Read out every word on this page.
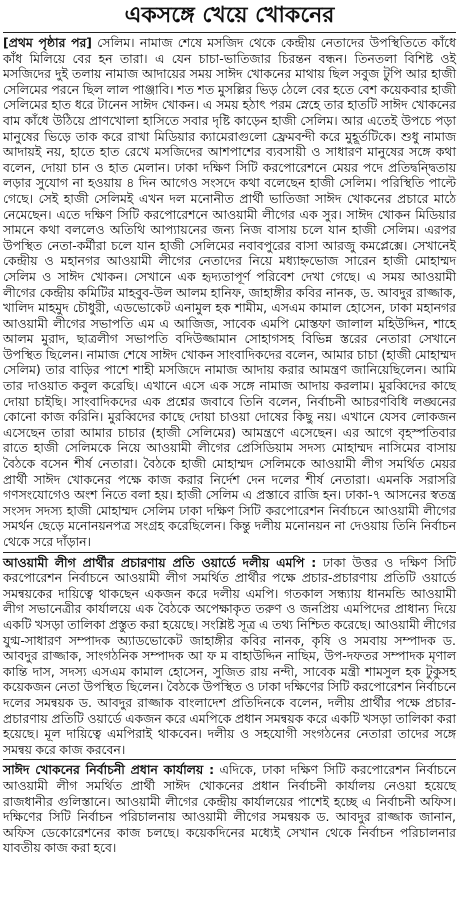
একসঙ্গে খেয়ে খোকনের

[প্রথম পৃষ্ঠার পর] সেলিম। নামাজ শেষে মসজিদ থেকে কেন্দ্রীয় নেতাদের উপস্থিতিতে কাঁধে কাঁধ মিলিয়ে বের হন তারা। এ যেন চাচা-ভাতিজার চিরন্তন বন্ধন। তিনতলা বিশিষ্ট ওই মসজিদের দুই তলায় নামাজ আদায়ের সময় সাঈদ খোকনের মাথায় ছিল সবুজ টুপি আর হাজী সেলিমের পরনে ছিল লাল পাঞ্জাবি। শত শত মুসল্লির ভিড় ঠেলে বের হতে বেশ কয়েকবার হাজী সেলিমের হাত ধরে টানেন সাঈদ খোকন। এ সময় হঠাৎ পরম স্নেহে তার হাতটি সাঈদ খোকনের বাম কাঁধে উঠিয়ে প্রাণখোলা হাসিতে সবার দৃষ্টি কাড়েন হাজী সেলিম। আর এতেই উপচে পড়া মানুষের ভিড়ে তাক করে রাখা মিডিয়ার ক্যামেরাগুলো ফ্রেমবন্দী করে মুহূর্তটিকে। শুধু নামাজ আদায়ই নয়, হাতে হাত রেখে মসজিদের আশপাশের ব্যবসায়ী ও সাধারণ মানুষের সঙ্গে কথা বলেন, দোয়া চান ও হাত মেলান। ঢাকা দক্ষিণ সিটি করপোরেশনে মেয়র পদে প্রতিদ্বন্দ্বিতায় লড়ার সুযোগ না হওয়ায় ৪ দিন আগেও সংসদে কথা বলেছেন হাজী সেলিম। পরিস্থিতি পাল্টে গেছে। সেই হাজী সেলিমই এখন দল মনোনীত প্রার্থী ভাতিজা সাঈদ খোকনের প্রচারে মাঠে নেমেছেন। এতে দক্ষিণ সিটি করপোরেশনে আওয়ামী লীগের এক সুর। সাঈদ খোকন মিডিয়ার সামনে কথা বললেও অতিথি আপ্যায়নের জন্য নিজ বাসায় চলে যান হাজী সেলিম। এরপর উপস্থিত নেতা-কর্মীরা চলে যান হাজী সেলিমের নবাবপুরের বাসা আরজু কমপ্লেক্সে। সেখানেই কেন্দ্রীয় ও মহানগর আওয়ামী লীগের নেতাদের নিয়ে মধ্যাহ্নভোজ সারেন হাজী মোহাম্মদ সেলিম ও সাঈদ খোকন। সেখানে এক হৃদ্যতাপূর্ণ পরিবেশ দেখা গেছে। এ সময় আওয়ামী লীগের কেন্দ্রীয় কমিটির মাহবুব-উল আলম হানিফ, জাহাঙ্গীর কবির নানক, ড. আবদুর রাজ্জাক, খালিদ মাহমুদ চৌধুরী, এডভোকেট এনামুল হক শামীম, এসএম কামাল হোসেন, ঢাকা মহানগর আওয়ামী লীগের সভাপতি এম এ আজিজ, সাবেক এমপি মোস্তফা জালাল মহিউদ্দিন, শাহে আলম মুরাদ, ছাত্রলীগ সভাপতি বদিউজ্জামান সোহাগসহ বিভিন্ন স্তরের নেতারা সেখানে উপস্থিত ছিলেন। নামাজ শেষে সাঈদ খোকন সাংবাদিকদের বলেন, আমার চাচা (হাজী মোহাম্মদ সেলিম) তার বাড়ির পাশে শাহী মসজিদে নামাজ আদায় করার আমন্ত্রণ জানিয়েছিলেন। আমি তার দাওয়াত কবুল করেছি। এখানে এসে এক সঙ্গে নামাজ আদায় করলাম। মুরব্বিদের কাছে দোয়া চাইছি। সাংবাদিকদের এক প্রশ্নের জবাবে তিনি বলেন, নির্বাচনী আচরণবিধি লঙ্ঘনের কোনো কাজ করিনি। মুরব্বিদের কাছে দোয়া চাওয়া দোষের কিছু নয়। এখানে যেসব লোকজন এসেছেন তারা আমার চাচার (হাজী সেলিমের) আমন্ত্রণে এসেছেন। এর আগে বৃহস্পতিবার রাতে হাজী সেলিমকে নিয়ে আওয়ামী লীগের প্রেসিডিয়াম সদস্য মোহাম্মদ নাসিমের বাসায় বৈঠকে বসেন শীর্ষ নেতারা। বৈঠকে হাজী মোহাম্মদ সেলিমকে আওয়ামী লীগ সমর্থিত মেয়র প্রার্থী সাঈদ খোকনের পক্ষে কাজ করার নির্দেশ দেন দলের শীর্ষ নেতারা। এমনকি সরাসরি গণসংযোগেও অংশ নিতে বলা হয়। হাজী সেলিম এ প্রস্তাবে রাজি হন। ঢাকা-৭ আসনের স্বতন্ত্র সংসদ সদস্য হাজী মোহাম্মদ সেলিম ঢাকা দক্ষিণ সিটি করপোরেশন নির্বাচনে আওয়ামী লীগের সমর্থন ছেড়ে মনোনয়নপত্র সংগ্রহ করেছিলেন। কিন্তু দলীয় মনোনয়ন না দেওয়ায় তিনি নির্বাচন থেকে সরে দাঁড়ান।

আওয়ামী লীগ প্রার্থীর প্রচারণায় প্রতি ওয়ার্ডে দলীয় এমপি : ঢাকা উত্তর ও দক্ষিণ সিটি করপোরেশন নির্বাচনে আওয়ামী লীগ সমর্থিত প্রার্থীর পক্ষে প্রচার-প্রচারণায় প্রতিটি ওয়ার্ডে সমন্বয়কের দায়িত্বে থাকছেন একজন করে দলীয় এমপি। গতকাল সন্ধ্যায় ধানমন্ডি আওয়ামী লীগ সভানেত্রীর কার্যালয়ে এক বৈঠকে অপেক্ষাকৃত তরুণ ও জনপ্রিয় এমপিদের প্রাধান্য দিয়ে একটি খসড়া তালিকা প্রস্তুত করা হয়েছে। সংশ্লিষ্ট সূত্র এ তথ্য নিশ্চিত করেছে। আওয়ামী লীগের যুগ্ম-সাধারণ সম্পাদক অ্যাডভোকেট জাহাঙ্গীর কবির নানক, কৃষি ও সমবায় সম্পাদক ড. আবদুর রাজ্জাক, সাংগঠনিক সম্পাদক আ ফ ম বাহাউদ্দিন নাছিম, উপ-দফতর সম্পাদক মৃণাল কান্তি দাস, সদস্য এসএম কামাল হোসেন, সুজিত রায় নন্দী, সাবেক মন্ত্রী শামসুল হক টুকুসহ কয়েকজন নেতা উপস্থিত ছিলেন। বৈঠকে উপস্থিত ও ঢাকা দক্ষিণের সিটি করপোরেশন নির্বাচনে দলের সমন্বয়ক ড. আবদুর রাজ্জাক বাংলাদেশ প্রতিদিনকে বলেন, দলীয় প্রার্থীর পক্ষে প্রচার-প্রচারণায় প্রতিটি ওয়ার্ডে একজন করে এমপিকে প্রধান সমন্বয়ক করে একটি খসড়া তালিকা করা হয়েছে। মূল দায়িত্বে এমপিরাই থাকবেন। দলীয় ও সহযোগী সংগঠনের নেতারা তাদের সঙ্গে সমন্বয় করে কাজ করবেন।

সাঈদ খোকনের নির্বাচনী প্রধান কার্যালয় : এদিকে, ঢাকা দক্ষিণ সিটি করপোরেশন নির্বাচনে আওয়ামী লীগ সমর্থিত প্রার্থী সাঈদ খোকনের প্রধান নির্বাচনী কার্যালয় নেওয়া হয়েছে রাজধানীর গুলিস্তানে। আওয়ামী লীগের কেন্দ্রীয় কার্যালয়ের পাশেই হচ্ছে এ নির্বাচনী অফিস। দক্ষিণের সিটি নির্বাচন পরিচালনায় আওয়ামী লীগের সমন্বয়ক ড. আবদুর রাজ্জাক জানান, অফিস ডেকোরেশনের কাজ চলছে। কয়েকদিনের মধ্যেই সেখান থেকে নির্বাচন পরিচালনার যাবতীয় কাজ করা হবে।
